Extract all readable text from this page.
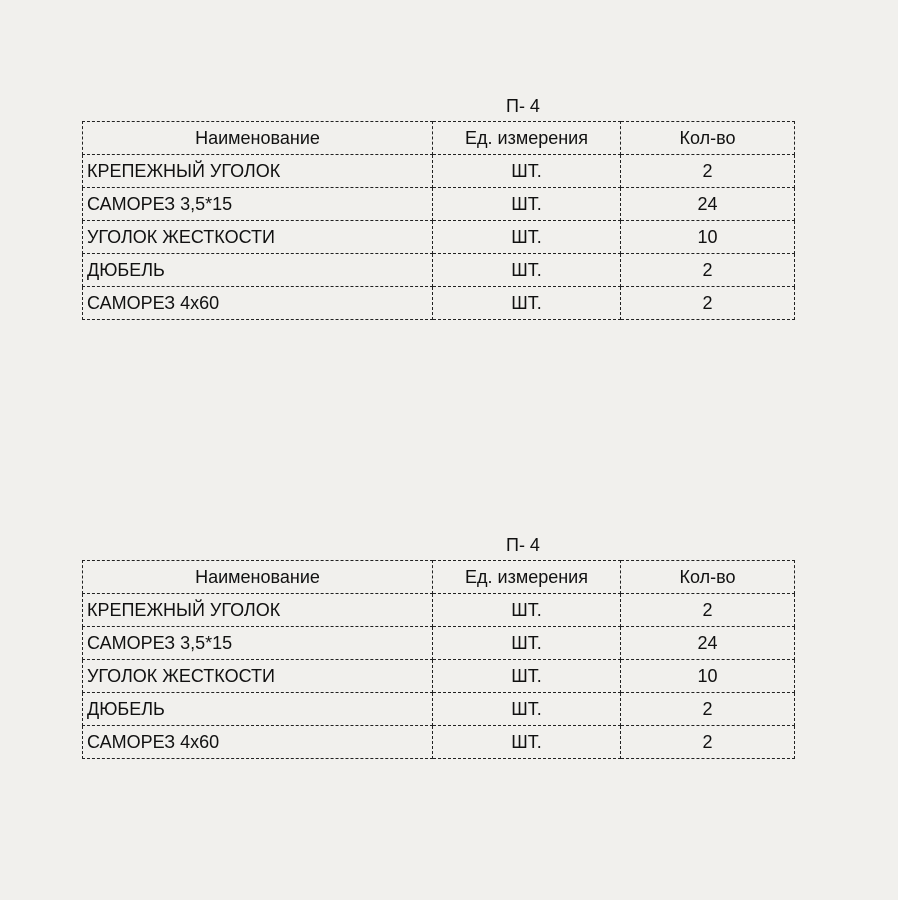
П- 4
Наименование	Ед. измерения	Кол-во
КРЕПЕЖНЫЙ УГОЛОК	ШТ.	2
САМОРЕЗ 3,5*15	ШТ.	24
УГОЛОК ЖЕСТКОСТИ	ШТ.	10
ДЮБЕЛЬ	ШТ.	2
САМОРЕЗ 4x60	ШТ.	2
П- 4
Наименование	Ед. измерения	Кол-во
КРЕПЕЖНЫЙ УГОЛОК	ШТ.	2
САМОРЕЗ 3,5*15	ШТ.	24
УГОЛОК ЖЕСТКОСТИ	ШТ.	10
ДЮБЕЛЬ	ШТ.	2
САМОРЕЗ 4x60	ШТ.	2
